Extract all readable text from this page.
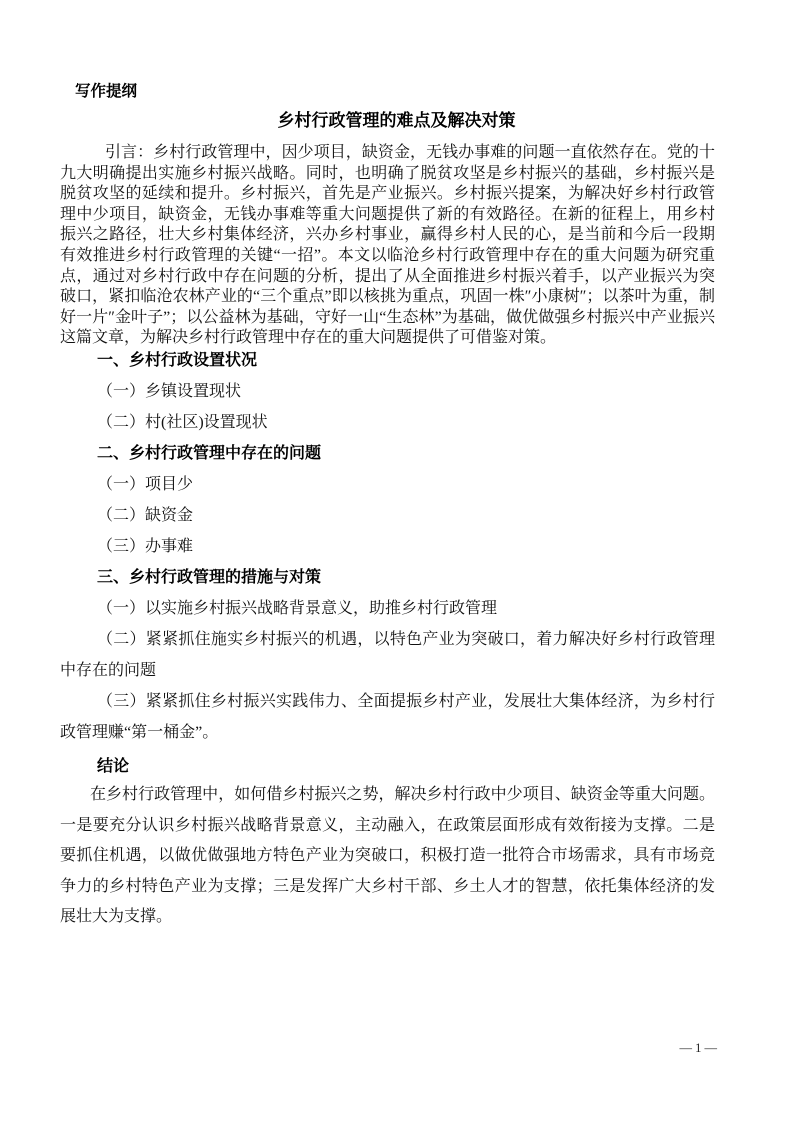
写作提纲
乡村行政管理的难点及解决对策

引言：乡村行政管理中，因少项目，缺资金，无钱办事难的问题一直依然存在。党的十九大明确提出实施乡村振兴战略。同时，也明确了脱贫攻坚是乡村振兴的基础，乡村振兴是脱贫攻坚的延续和提升。乡村振兴，首先是产业振兴。乡村振兴提案，为解决好乡村行政管理中少项目，缺资金，无钱办事难等重大问题提供了新的有效路径。在新的征程上，用乡村振兴之路径，壮大乡村集体经济，兴办乡村事业，赢得乡村人民的心，是当前和今后一段期有效推进乡村行政管理的关键“一招”。本文以临沧乡村行政管理中存在的重大问题为研究重点，通过对乡村行政中存在问题的分析，提出了从全面推进乡村振兴着手，以产业振兴为突破口，紧扣临沧农林产业的“三个重点”即以核挑为重点，巩固一株″小康树″；以茶叶为重，制好一片″金叶子”；以公益林为基础，守好一山“生态林”为基础，做优做强乡村振兴中产业振兴这篇文章，为解决乡村行政管理中存在的重大问题提供了可借鉴对策。

一、乡村行政设置状况
（一）乡镇设置现状
（二）村(社区)设置现状
二、乡村行政管理中存在的问题
（一）项目少
（二）缺资金
（三）办事难
三、乡村行政管理的措施与对策
（一）以实施乡村振兴战略背景意义，助推乡村行政管理
（二）紧紧抓住施实乡村振兴的机遇，以特色产业为突破口，着力解决好乡村行政管理中存在的问题
（三）紧紧抓住乡村振兴实践伟力、全面提振乡村产业，发展壮大集体经济，为乡村行政管理赚“第一桶金”。
结论

在乡村行政管理中，如何借乡村振兴之势，解决乡村行政中少项目、缺资金等重大问题。一是要充分认识乡村振兴战略背景意义，主动融入，在政策层面形成有效衔接为支撑。二是要抓住机遇，以做优做强地方特色产业为突破口，积极打造一批符合市场需求，具有市场竞争力的乡村特色产业为支撑；三是发挥广大乡村干部、乡土人才的智慧，依托集体经济的发展壮大为支撑。

— 1 —
